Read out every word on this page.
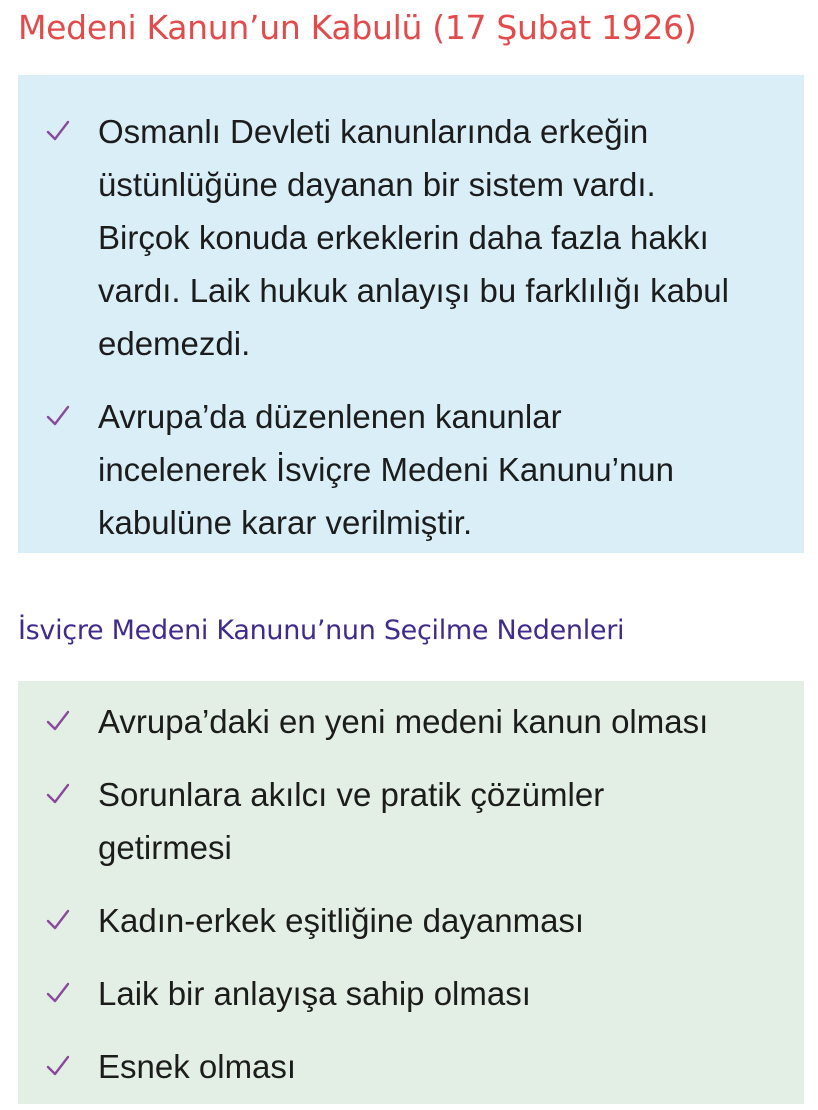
Medeni Kanun’un Kabulü (17 Şubat 1926)
Osmanlı Devleti kanunlarında erkeğin
üstünlüğüne dayanan bir sistem vardı.
Birçok konuda erkeklerin daha fazla hakkı
vardı. Laik hukuk anlayışı bu farklılığı kabul
edemezdi.
Avrupa’da düzenlenen kanunlar
incelenerek İsviçre Medeni Kanunu’nun
kabulüne karar verilmiştir.
İsviçre Medeni Kanunu’nun Seçilme Nedenleri
Avrupa’daki en yeni medeni kanun olması
Sorunlara akılcı ve pratik çözümler
getirmesi
Kadın-erkek eşitliğine dayanması
Laik bir anlayışa sahip olması
Esnek olması
